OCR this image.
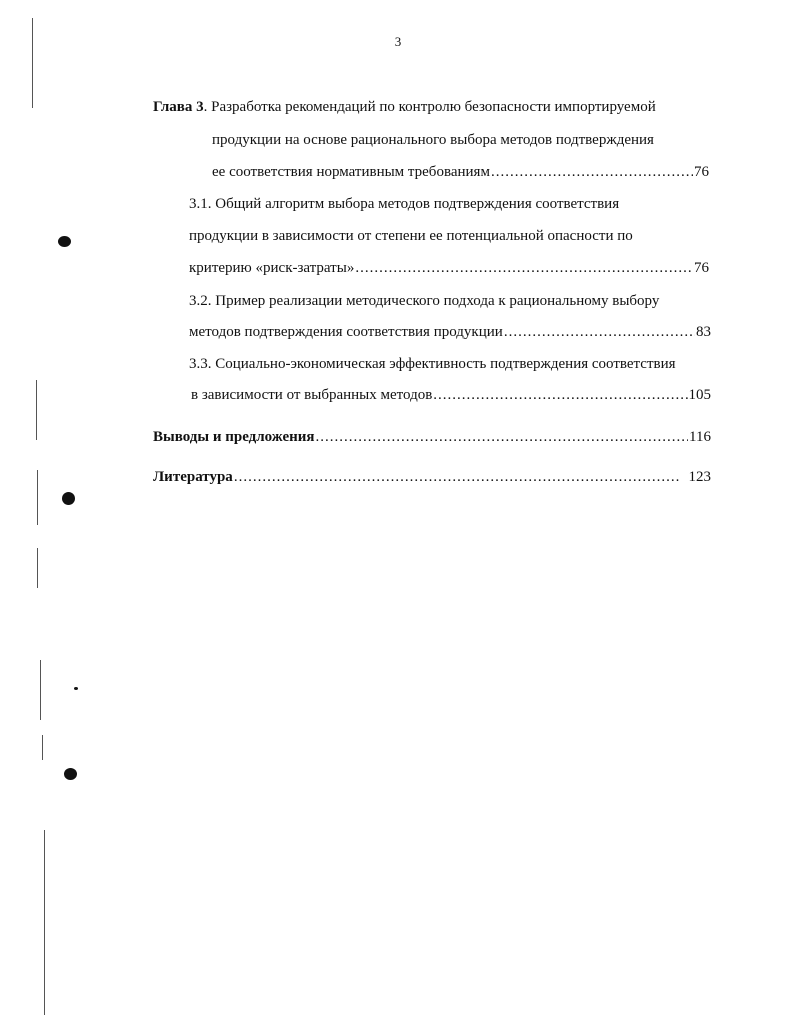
3
Глава 3. Разработка рекомендаций по контролю безопасности импортируемой
продукции на основе рационального выбора методов подтверждения
ее соответствия нормативным требованиям .....	76
3.1. Общий алгоритм выбора методов подтверждения соответствия
продукции в зависимости от степени ее потенциальной опасности по
критерию «риск-затраты» .....	76
3.2. Пример реализации методического подхода к рациональному выбору
методов подтверждения соответствия продукции .....	83
3.3. Социально-экономическая эффективность подтверждения соответствия
в зависимости от выбранных методов .....	105
Выводы и предложения .....	116
Литература .....	123
